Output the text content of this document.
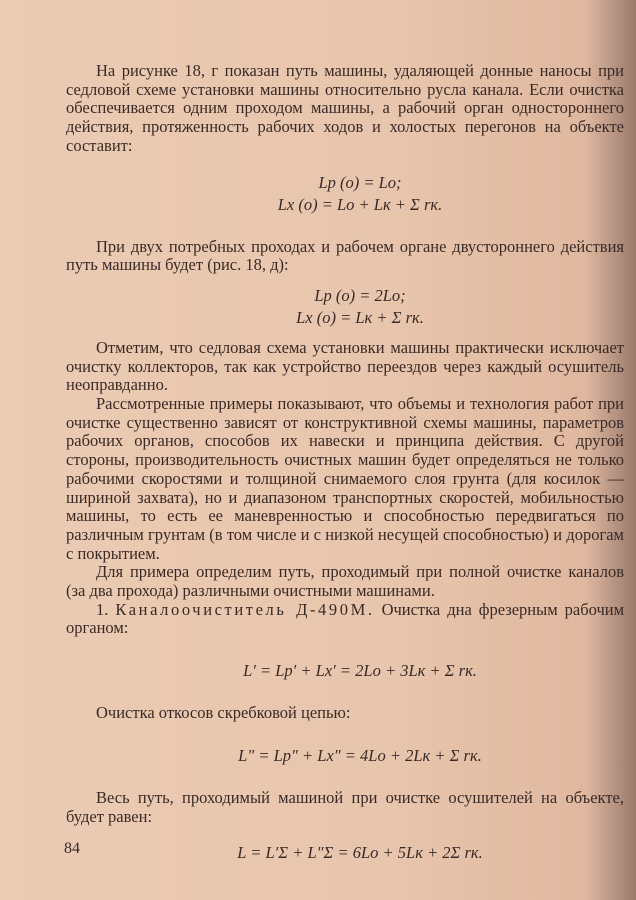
На рисунке 18, г показан путь машины, удаляющей донные наносы при седловой схеме установки машины относительно русла канала. Если очистка обеспечивается одним проходом машины, а рабочий орган одностороннего действия, протяженность рабочих ходов и холостых перегонов на объекте составит:

Lр (о) = Lо;
Lх (о) = Lо + Lк + Σ rк.

При двух потребных проходах и рабочем органе двустороннего действия путь машины будет (рис. 18, д):

Lр (о) = 2Lо;
Lх (о) = Lк + Σ rк.

Отметим, что седловая схема установки машины практически исключает очистку коллекторов, так как устройство переездов через каждый осушитель неоправданно.

Рассмотренные примеры показывают, что объемы и технология работ при очистке существенно зависят от конструктивной схемы машины, параметров рабочих органов, способов их навески и принципа действия. С другой стороны, производительность очистных машин будет определяться не только рабочими скоростями и толщиной снимаемого слоя грунта (для косилок — шириной захвата), но и диапазоном транспортных скоростей, мобильностью машины, то есть ее маневренностью и способностью передвигаться по различным грунтам (в том числе и с низкой несущей способностью) и дорогам с покрытием.

Для примера определим путь, проходимый при полной очистке каналов (за два прохода) различными очистными машинами.

1. Каналоочиститель Д-490М. Очистка дна фрезерным рабочим органом:

L′ = Lр′ + Lх′ = 2Lо + 3Lк + Σ rк.

Очистка откосов скребковой цепью:

L″ = Lр″ + Lх″ = 4Lо + 2Lк + Σ rк.

Весь путь, проходимый машиной при очистке осушителей на объекте, будет равен:

L = L′Σ + L″Σ = 6Lо + 5Lк + 2Σ rк.
84
